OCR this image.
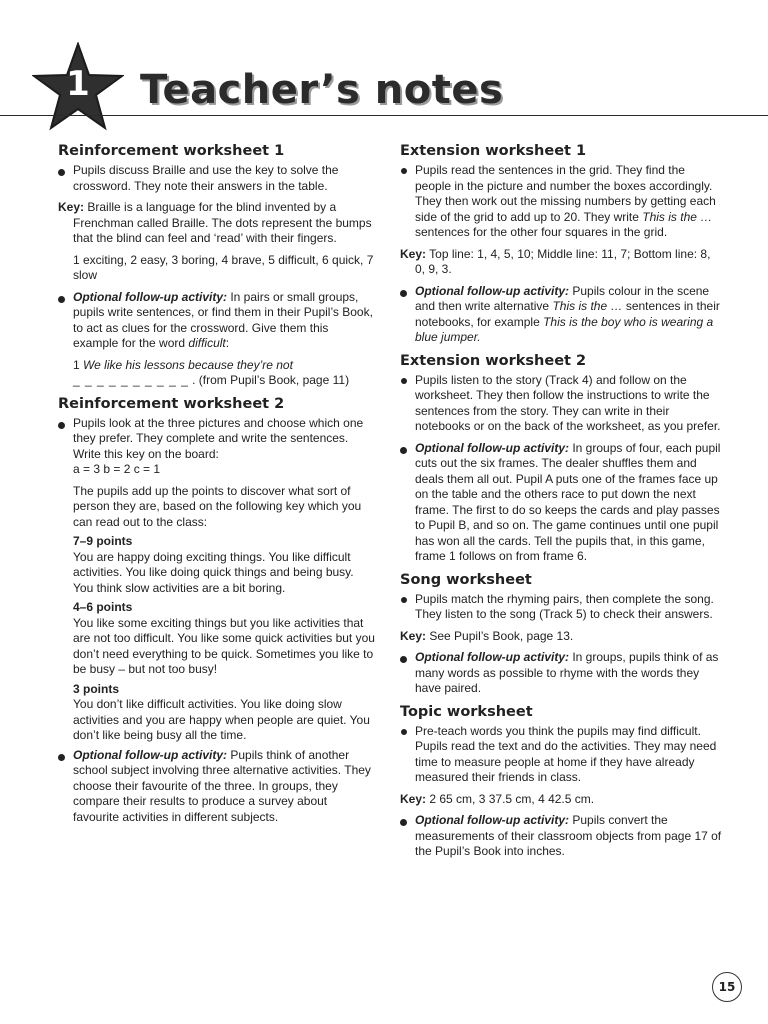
1	Teacher’s notes
Reinforcement worksheet 1

Pupils discuss Braille and use the key to solve the crossword. They note their answers in the table.

Key: Braille is a language for the blind invented by a Frenchman called Braille. The dots represent the bumps that the blind can feel and ‘read’ with their fingers.

1 exciting, 2 easy, 3 boring, 4 brave, 5 difficult, 6 quick, 7 slow

Optional follow-up activity: In pairs or small groups, pupils write sentences, or find them in their Pupil’s Book, to act as clues for the crossword. Give them this example for the word difficult:

1 We like his lessons because they’re not
_ _ _ _ _ _ _ _ _ _ . (from Pupil’s Book, page 11)

Reinforcement worksheet 2

Pupils look at the three pictures and choose which one they prefer. They complete and write the sentences. Write this key on the board:
a = 3 b = 2 c = 1

The pupils add up the points to discover what sort of person they are, based on the following key which you can read out to the class:

7–9 points

You are happy doing exciting things. You like difficult activities. You like doing quick things and being busy. You think slow activities are a bit boring.

4–6 points

You like some exciting things but you like activities that are not too difficult. You like some quick activities but you don’t need everything to be quick. Sometimes you like to be busy – but not too busy!

3 points

You don’t like difficult activities. You like doing slow activities and you are happy when people are quiet. You don’t like being busy all the time.

Optional follow-up activity: Pupils think of another school subject involving three alternative activities. They choose their favourite of the three. In groups, they compare their results to produce a survey about favourite activities in different subjects.

Extension worksheet 1

Pupils read the sentences in the grid. They find the people in the picture and number the boxes accordingly. They then work out the missing numbers by getting each side of the grid to add up to 20. They write This is the … sentences for the other four squares in the grid.

Key: Top line: 1, 4, 5, 10; Middle line: 11, 7; Bottom line: 8, 0, 9, 3.

Optional follow-up activity: Pupils colour in the scene and then write alternative This is the … sentences in their notebooks, for example This is the boy who is wearing a blue jumper.

Extension worksheet 2

Pupils listen to the story (Track 4) and follow on the worksheet. They then follow the instructions to write the sentences from the story. They can write in their notebooks or on the back of the worksheet, as you prefer.

Optional follow-up activity: In groups of four, each pupil cuts out the six frames. The dealer shuffles them and deals them all out. Pupil A puts one of the frames face up on the table and the others race to put down the next frame. The first to do so keeps the cards and play passes to Pupil B, and so on. The game continues until one pupil has won all the cards. Tell the pupils that, in this game, frame 1 follows on from frame 6.

Song worksheet

Pupils match the rhyming pairs, then complete the song. They listen to the song (Track 5) to check their answers.

Key: See Pupil’s Book, page 13.

Optional follow-up activity: In groups, pupils think of as many words as possible to rhyme with the words they have paired.

Topic worksheet

Pre-teach words you think the pupils may find difficult. Pupils read the text and do the activities. They may need time to measure people at home if they have already measured their friends in class.

Key: 2 65 cm, 3 37.5 cm, 4 42.5 cm.

Optional follow-up activity: Pupils convert the measurements of their classroom objects from page 17 of the Pupil’s Book into inches.

15
